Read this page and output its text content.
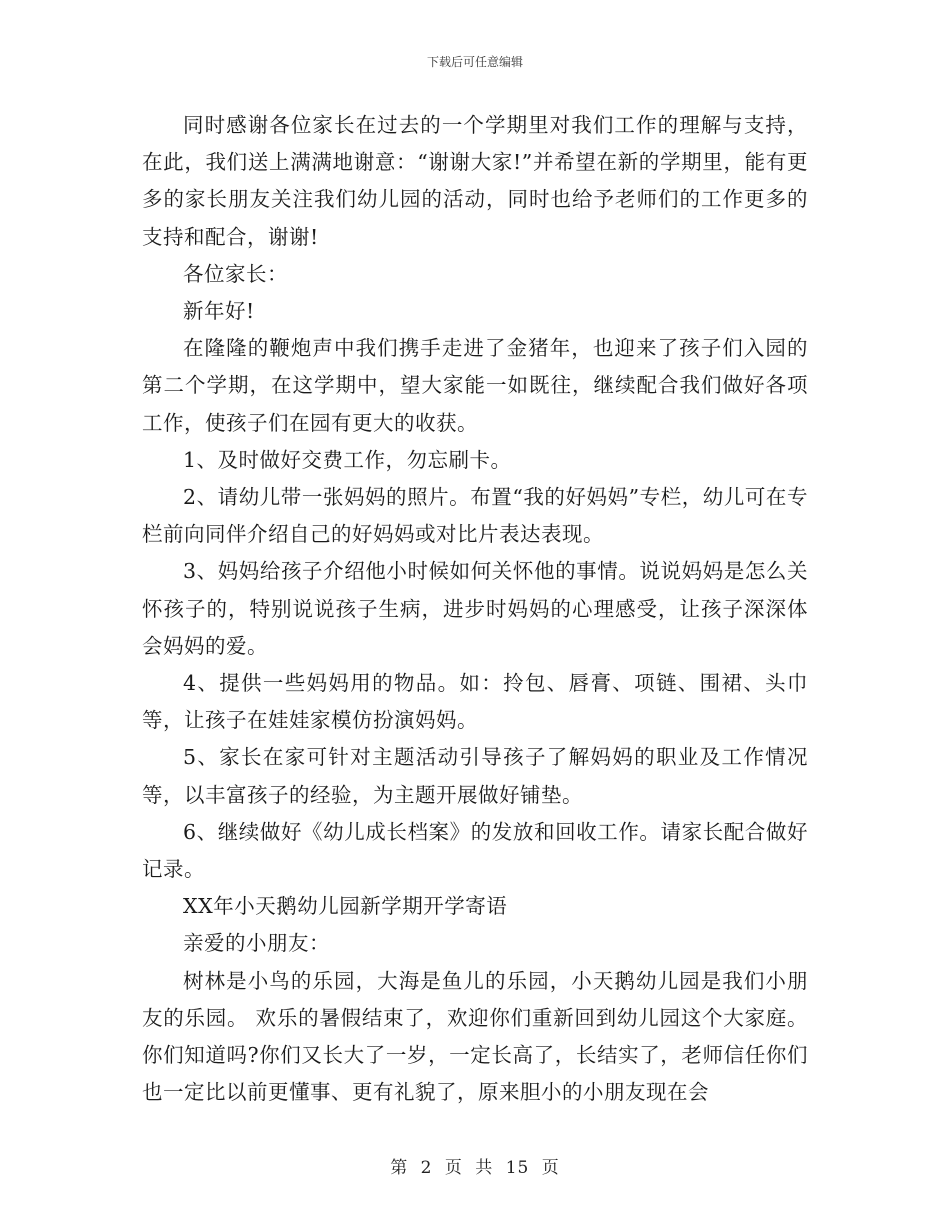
下载后可任意编辑

同时感谢各位家长在过去的一个学期里对我们工作的理解与支持，在此，我们送上满满地谢意：“谢谢大家!”并希望在新的学期里，能有更多的家长朋友关注我们幼儿园的活动，同时也给予老师们的工作更多的支持和配合，谢谢!

各位家长：

新年好!

在隆隆的鞭炮声中我们携手走进了金猪年，也迎来了孩子们入园的第二个学期，在这学期中，望大家能一如既往，继续配合我们做好各项工作，使孩子们在园有更大的收获。

1、及时做好交费工作，勿忘刷卡。

2、请幼儿带一张妈妈的照片。布置“我的好妈妈”专栏，幼儿可在专栏前向同伴介绍自己的好妈妈或对比片表达表现。

3、妈妈给孩子介绍他小时候如何关怀他的事情。说说妈妈是怎么关怀孩子的，特别说说孩子生病，进步时妈妈的心理感受，让孩子深深体会妈妈的爱。

4、提供一些妈妈用的物品。如：拎包、唇膏、项链、围裙、头巾等，让孩子在娃娃家模仿扮演妈妈。

5、家长在家可针对主题活动引导孩子了解妈妈的职业及工作情况等，以丰富孩子的经验，为主题开展做好铺垫。

6、继续做好《幼儿成长档案》的发放和回收工作。请家长配合做好记录。

XX年小天鹅幼儿园新学期开学寄语

亲爱的小朋友：

树林是小鸟的乐园，大海是鱼儿的乐园，小天鹅幼儿园是我们小朋友的乐园。 欢乐的暑假结束了，欢迎你们重新回到幼儿园这个大家庭。你们知道吗?你们又长大了一岁，一定长高了，长结实了，老师信任你们也一定比以前更懂事、更有礼貌了，原来胆小的小朋友现在会

第 2 页 共 15 页
